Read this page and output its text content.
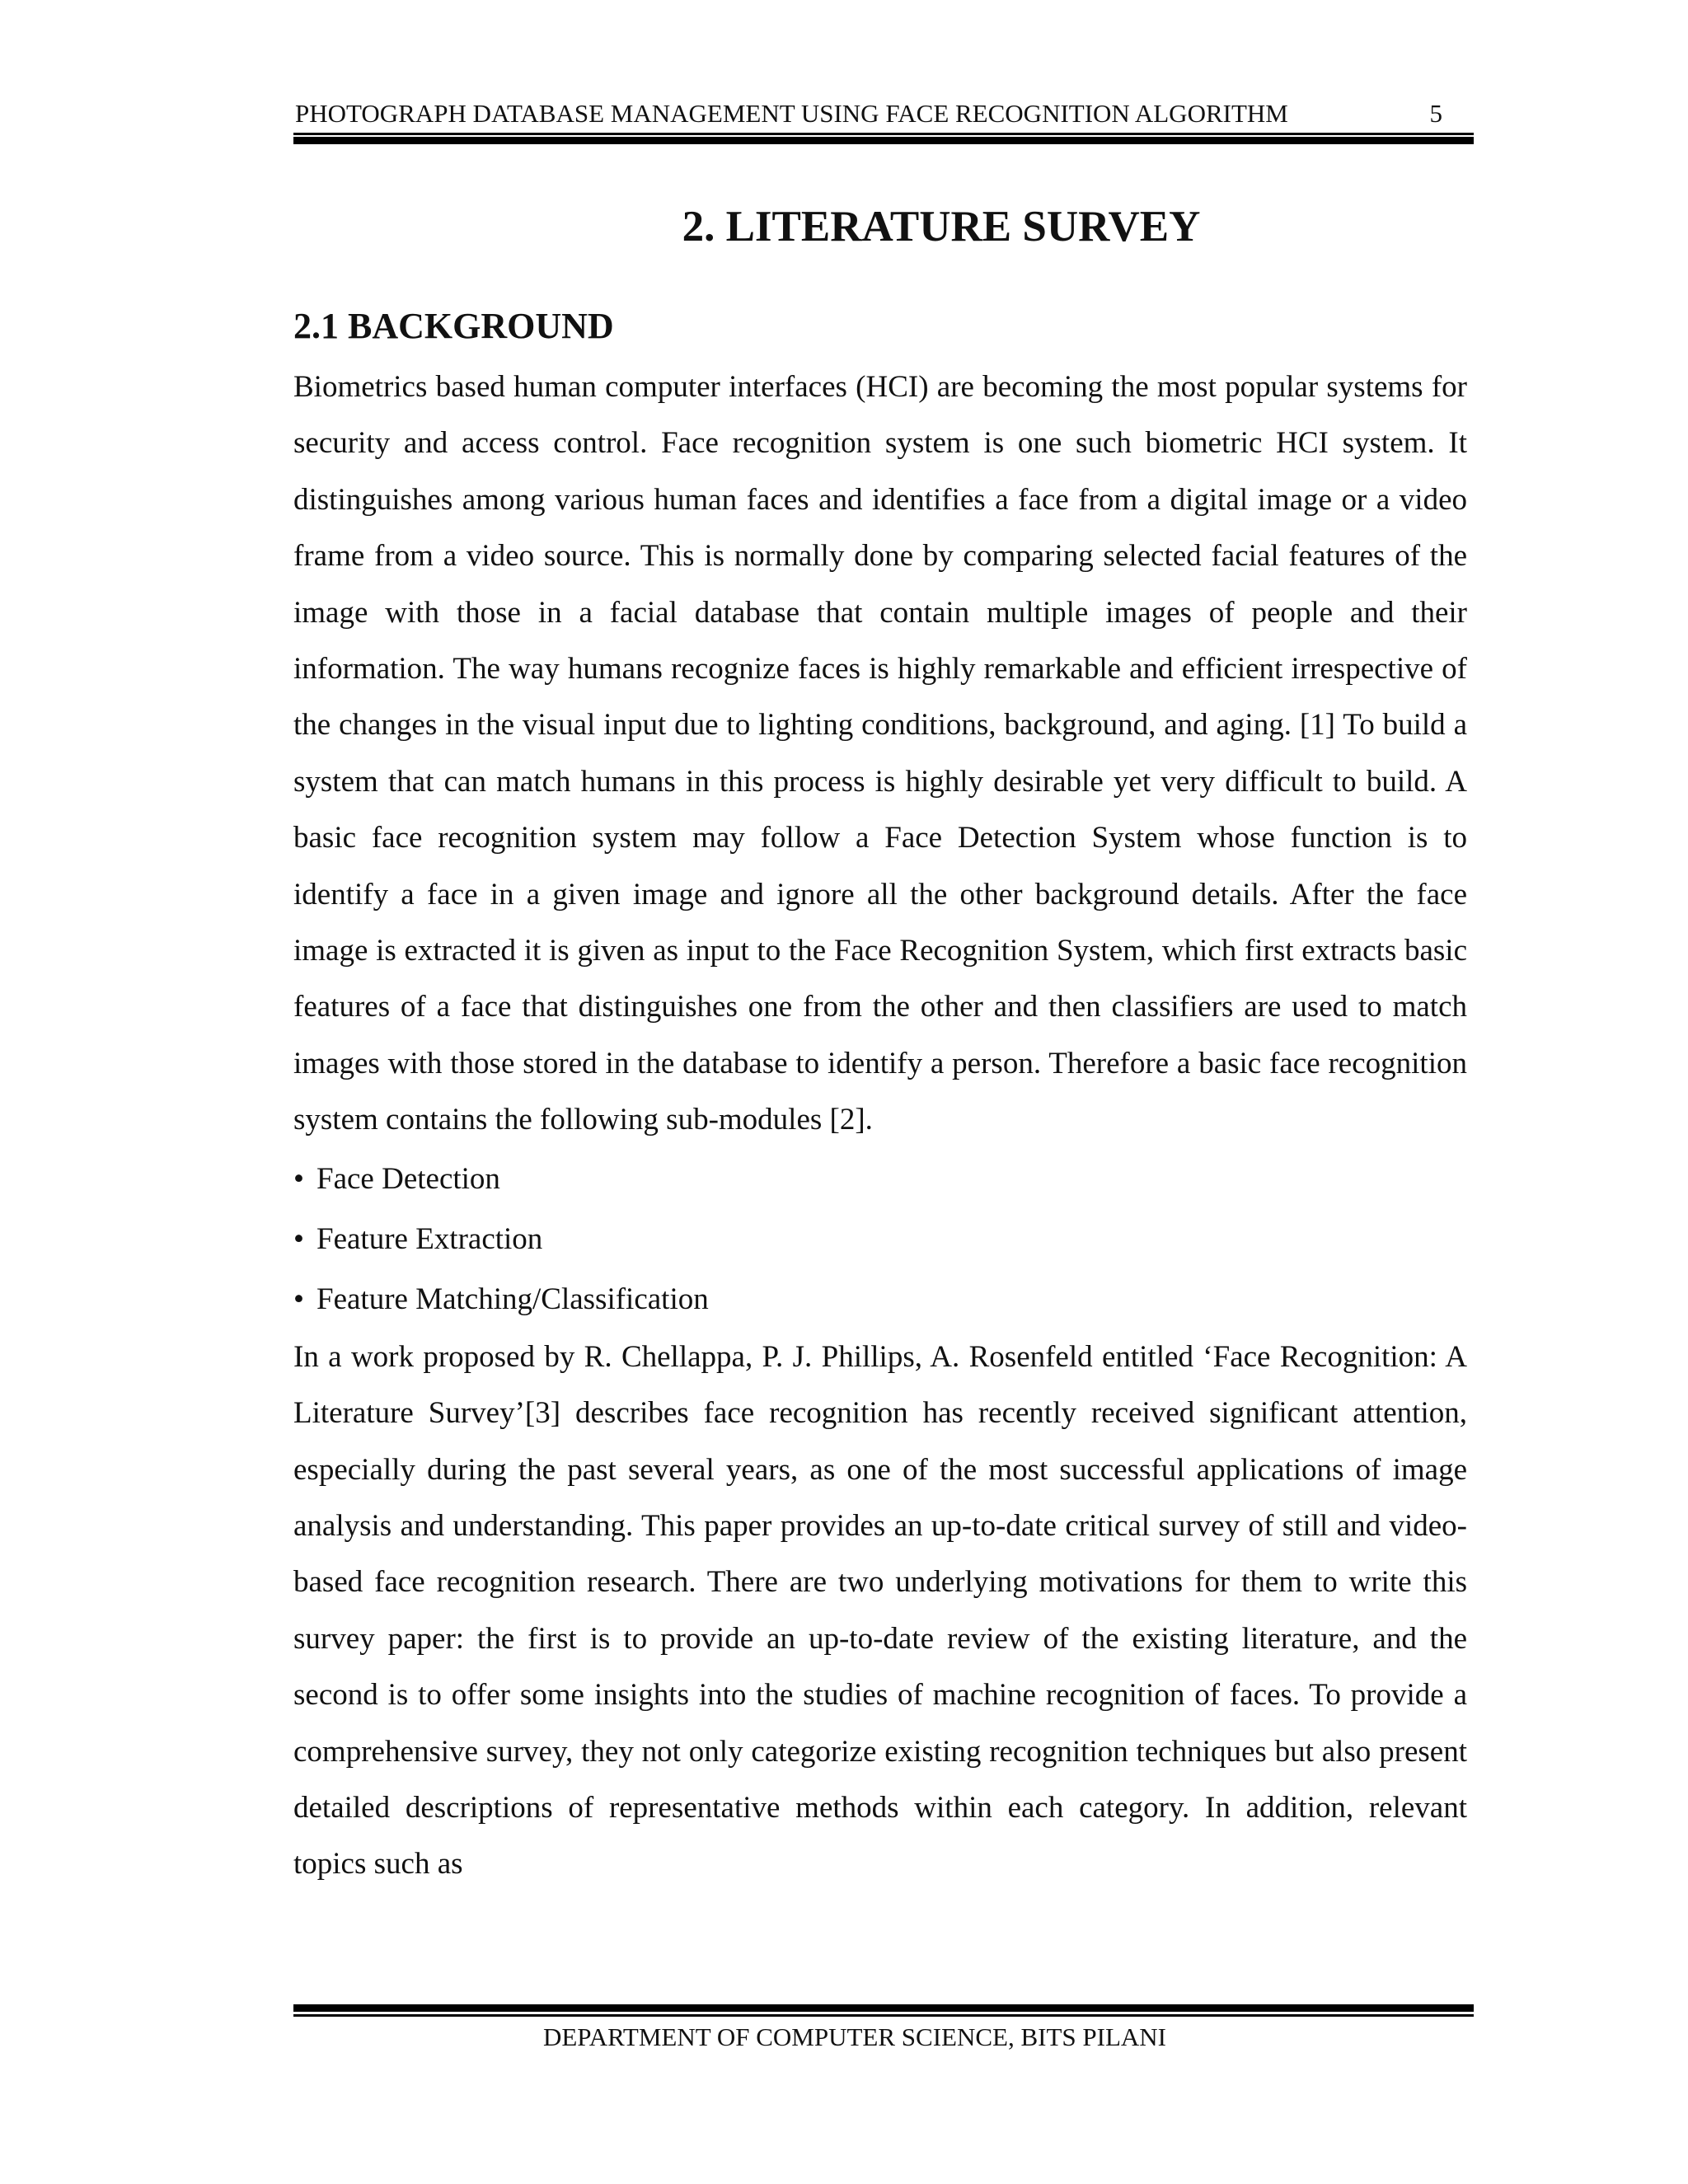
PHOTOGRAPH DATABASE MANAGEMENT USING FACE RECOGNITION ALGORITHM	5
2. LITERATURE SURVEY
2.1 BACKGROUND

Biometrics based human computer interfaces (HCI) are becoming the most popular systems for security and access control. Face recognition system is one such biometric HCI system. It distinguishes among various human faces and identifies a face from a digital image or a video frame from a video source. This is normally done by comparing selected facial features of the image with those in a facial database that contain multiple images of people and their information. The way humans recognize faces is highly remarkable and efficient irrespective of the changes in the visual input due to lighting conditions, background, and aging. [1] To build a system that can match humans in this process is highly desirable yet very difficult to build. A basic face recognition system may follow a Face Detection System whose function is to identify a face in a given image and ignore all the other background details. After the face image is extracted it is given as input to the Face Recognition System, which first extracts basic features of a face that distinguishes one from the other and then classifiers are used to match images with those stored in the database to identify a person. Therefore a basic face recognition system contains the following sub-modules [2].

• Face Detection
• Feature Extraction
• Feature Matching/Classification

In a work proposed by R. Chellappa, P. J. Phillips, A. Rosenfeld entitled ‘Face Recognition: A Literature Survey’[3] describes face recognition has recently received significant attention, especially during the past several years, as one of the most successful applications of image analysis and understanding. This paper provides an up-to-date critical survey of still and video-based face recognition research. There are two underlying motivations for them to write this survey paper: the first is to provide an up-to-date review of the existing literature, and the second is to offer some insights into the studies of machine recognition of faces. To provide a comprehensive survey, they not only categorize existing recognition techniques but also present detailed descriptions of representative methods within each category. In addition, relevant topics such as

DEPARTMENT OF COMPUTER SCIENCE, BITS PILANI
